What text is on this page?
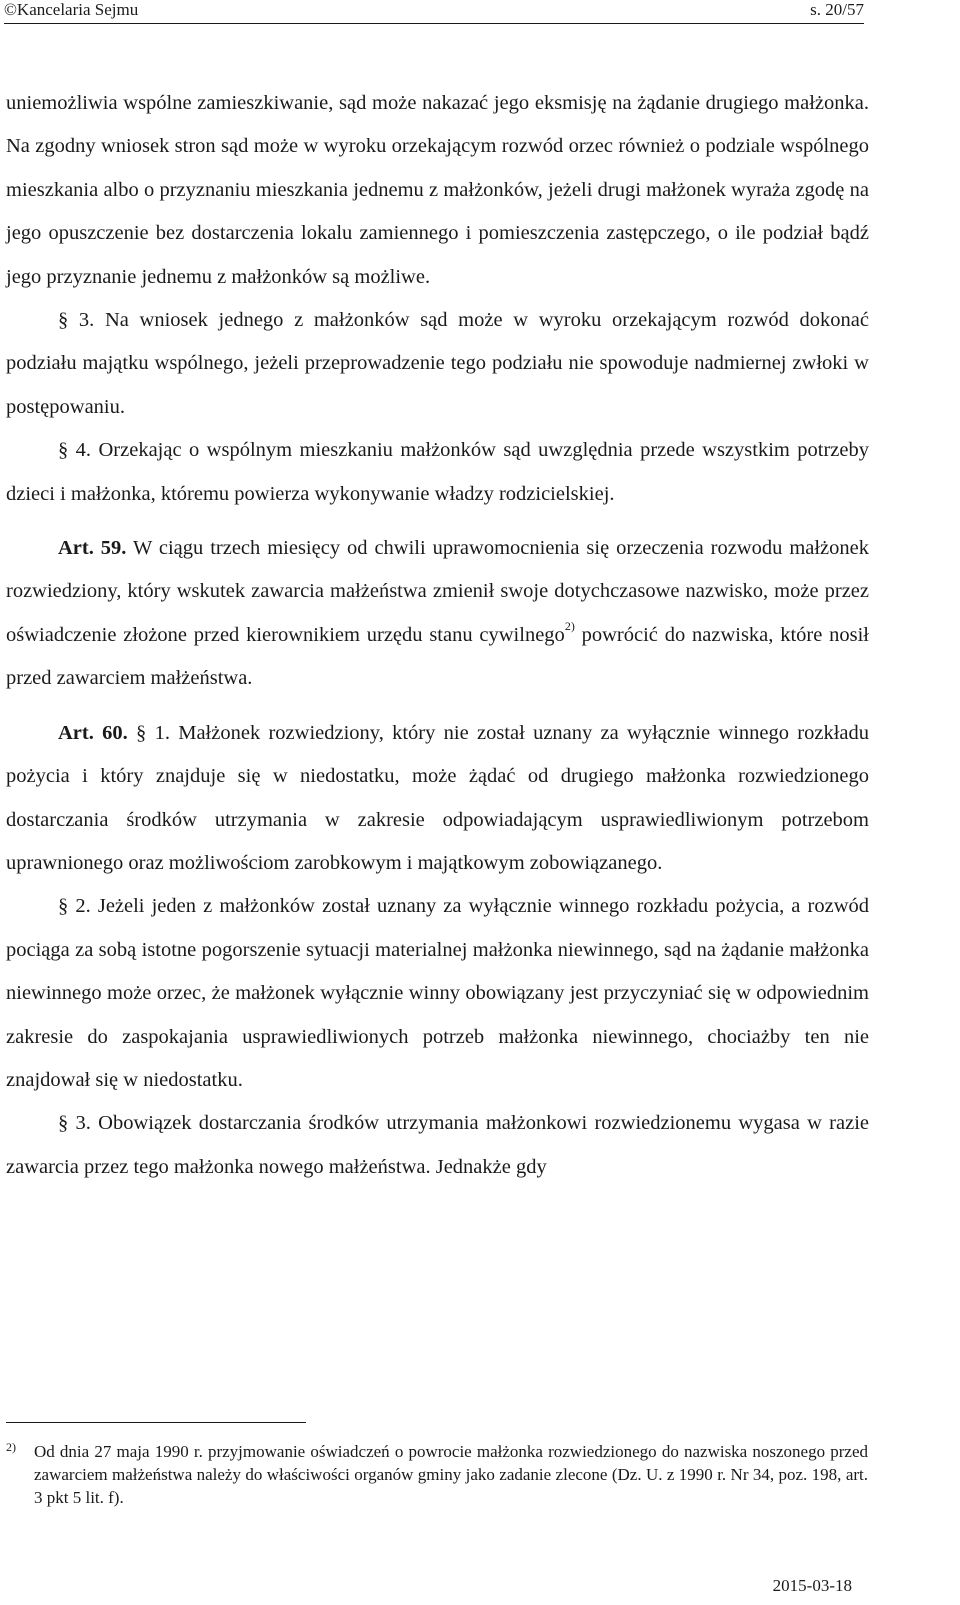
©Kancelaria Sejmu	s. 20/57

uniemożliwia wspólne zamieszkiwanie, sąd może nakazać jego eksmisję na żądanie drugiego małżonka. Na zgodny wniosek stron sąd może w wyroku orzekającym rozwód orzec również o podziale wspólnego mieszkania albo o przyznaniu mieszkania jednemu z małżonków, jeżeli drugi małżonek wyraża zgodę na jego opuszczenie bez dostarczenia lokalu zamiennego i pomieszczenia zastępczego, o ile podział bądź jego przyznanie jednemu z małżonków są możliwe.

§ 3. Na wniosek jednego z małżonków sąd może w wyroku orzekającym rozwód dokonać podziału majątku wspólnego, jeżeli przeprowadzenie tego podziału nie spowoduje nadmiernej zwłoki w postępowaniu.

§ 4. Orzekając o wspólnym mieszkaniu małżonków sąd uwzględnia przede wszystkim potrzeby dzieci i małżonka, któremu powierza wykonywanie władzy rodzicielskiej.

Art. 59. W ciągu trzech miesięcy od chwili uprawomocnienia się orzeczenia rozwodu małżonek rozwiedziony, który wskutek zawarcia małżeństwa zmienił swoje dotychczasowe nazwisko, może przez oświadczenie złożone przed kierownikiem urzędu stanu cywilnego$^{2)}$ powrócić do nazwiska, które nosił przed zawarciem małżeństwa.

Art. 60. § 1. Małżonek rozwiedziony, który nie został uznany za wyłącznie winnego rozkładu pożycia i który znajduje się w niedostatku, może żądać od drugiego małżonka rozwiedzionego dostarczania środków utrzymania w zakresie odpowiadającym usprawiedliwionym potrzebom uprawnionego oraz możliwościom zarobkowym i majątkowym zobowiązanego.

§ 2. Jeżeli jeden z małżonków został uznany za wyłącznie winnego rozkładu pożycia, a rozwód pociąga za sobą istotne pogorszenie sytuacji materialnej małżonka niewinnego, sąd na żądanie małżonka niewinnego może orzec, że małżonek wyłącznie winny obowiązany jest przyczyniać się w odpowiednim zakresie do zaspokajania usprawiedliwionych potrzeb małżonka niewinnego, chociażby ten nie znajdował się w niedostatku.

§ 3. Obowiązek dostarczania środków utrzymania małżonkowi rozwiedzionemu wygasa w razie zawarcia przez tego małżonka nowego małżeństwa. Jednakże gdy

2)	Od dnia 27 maja 1990 r. przyjmowanie oświadczeń o powrocie małżonka rozwiedzionego do nazwiska noszonego przed zawarciem małżeństwa należy do właściwości organów gminy jako zadanie zlecone (Dz. U. z 1990 r. Nr 34, poz. 198, art. 3 pkt 5 lit. f).
2015-03-18
